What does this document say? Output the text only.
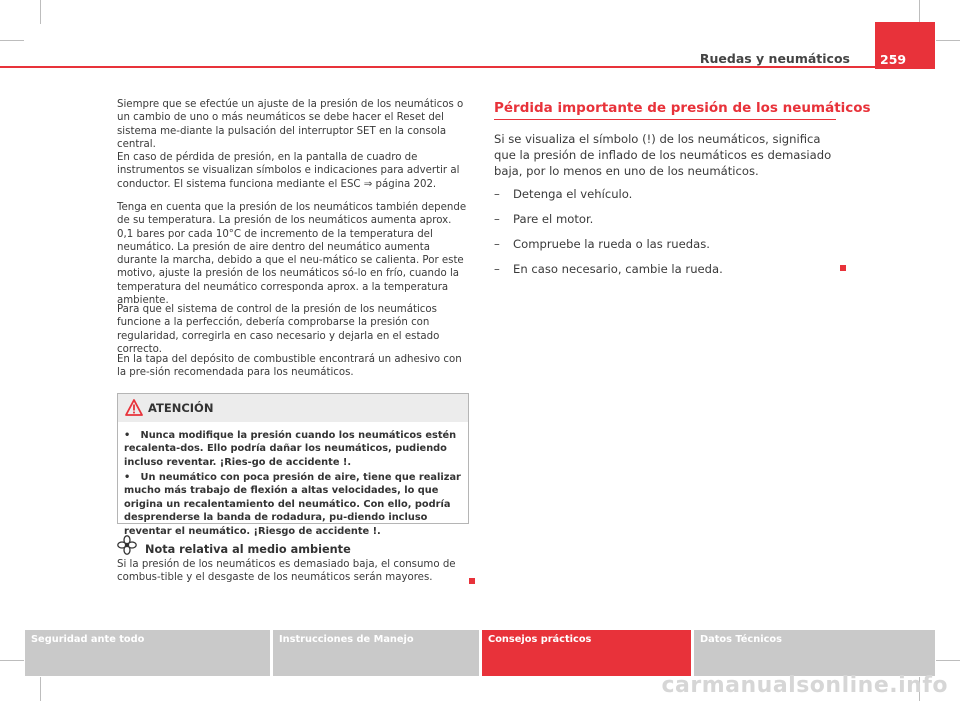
Ruedas y neumáticos 259

Siempre que se efectúe un ajuste de la presión de los neumáticos o un cambio de uno o más neumáticos se debe hacer el Reset del sistema me-diante la pulsación del interruptor SET en la consola central.

En caso de pérdida de presión, en la pantalla de cuadro de instrumentos se visualizan símbolos e indicaciones para advertir al conductor. El sistema funciona mediante el ESC ⇒ página 202.

Tenga en cuenta que la presión de los neumáticos también depende de su temperatura. La presión de los neumáticos aumenta aprox. 0,1 bares por cada 10°C de incremento de la temperatura del neumático. La presión de aire dentro del neumático aumenta durante la marcha, debido a que el neu-mático se calienta. Por este motivo, ajuste la presión de los neumáticos só-lo en frío, cuando la temperatura del neumático corresponda aprox. a la temperatura ambiente.

Para que el sistema de control de la presión de los neumáticos funcione a la perfección, debería comprobarse la presión con regularidad, corregirla en caso necesario y dejarla en el estado correcto.

En la tapa del depósito de combustible encontrará un adhesivo con la pre-sión recomendada para los neumáticos.

ATENCIÓN

• Nunca modifique la presión cuando los neumáticos estén recalenta-dos. Ello podría dañar los neumáticos, pudiendo incluso reventar. ¡Ries-go de accidente !.

• Un neumático con poca presión de aire, tiene que realizar mucho más trabajo de flexión a altas velocidades, lo que origina un recalentamiento del neumático. Con ello, podría desprenderse la banda de rodadura, pu-diendo incluso reventar el neumático. ¡Riesgo de accidente !.

Nota relativa al medio ambiente

Si la presión de los neumáticos es demasiado baja, el consumo de combus-tible y el desgaste de los neumáticos serán mayores.

Pérdida importante de presión de los neumáticos

Si se visualiza el símbolo (!) de los neumáticos, significa que la presión de inflado de los neumáticos es demasiado baja, por lo menos en uno de los neumáticos.

– Detenga el vehículo.
– Pare el motor.
– Compruebe la rueda o las ruedas.
– En caso necesario, cambie la rueda.
Seguridad ante todo	Instrucciones de Manejo	Consejos prácticos	Datos Técnicos
carmanualsonline.info
